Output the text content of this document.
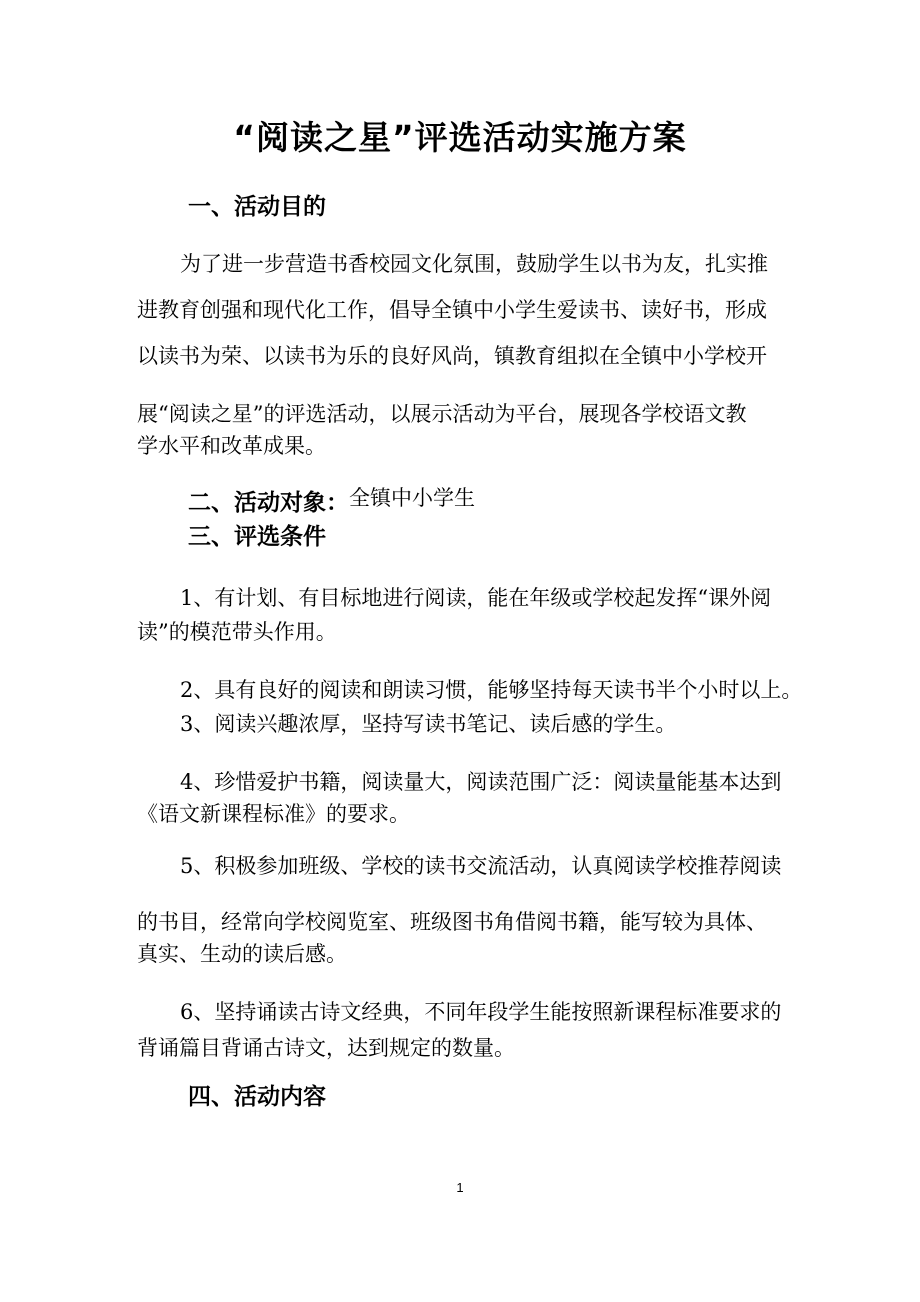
“阅读之星”评选活动实施方案
一、活动目的
为了进一步营造书香校园文化氛围，鼓励学生以书为友，扎实推
进教育创强和现代化工作，倡导全镇中小学生爱读书、读好书，形成
以读书为荣、以读书为乐的良好风尚，镇教育组拟在全镇中小学校开
展“阅读之星”的评选活动，以展示活动为平台，展现各学校语文教
学水平和改革成果。
二、活动对象：全镇中小学生
三、评选条件
1、有计划、有目标地进行阅读，能在年级或学校起发挥“课外阅
读”的模范带头作用。
2、具有良好的阅读和朗读习惯，能够坚持每天读书半个小时以上。
3、阅读兴趣浓厚，坚持写读书笔记、读后感的学生。
4、珍惜爱护书籍，阅读量大，阅读范围广泛：阅读量能基本达到
《语文新课程标准》的要求。
5、积极参加班级、学校的读书交流活动，认真阅读学校推荐阅读
的书目，经常向学校阅览室、班级图书角借阅书籍，能写较为具体、
真实、生动的读后感。
6、坚持诵读古诗文经典，不同年段学生能按照新课程标准要求的
背诵篇目背诵古诗文，达到规定的数量。
四、活动内容
1
